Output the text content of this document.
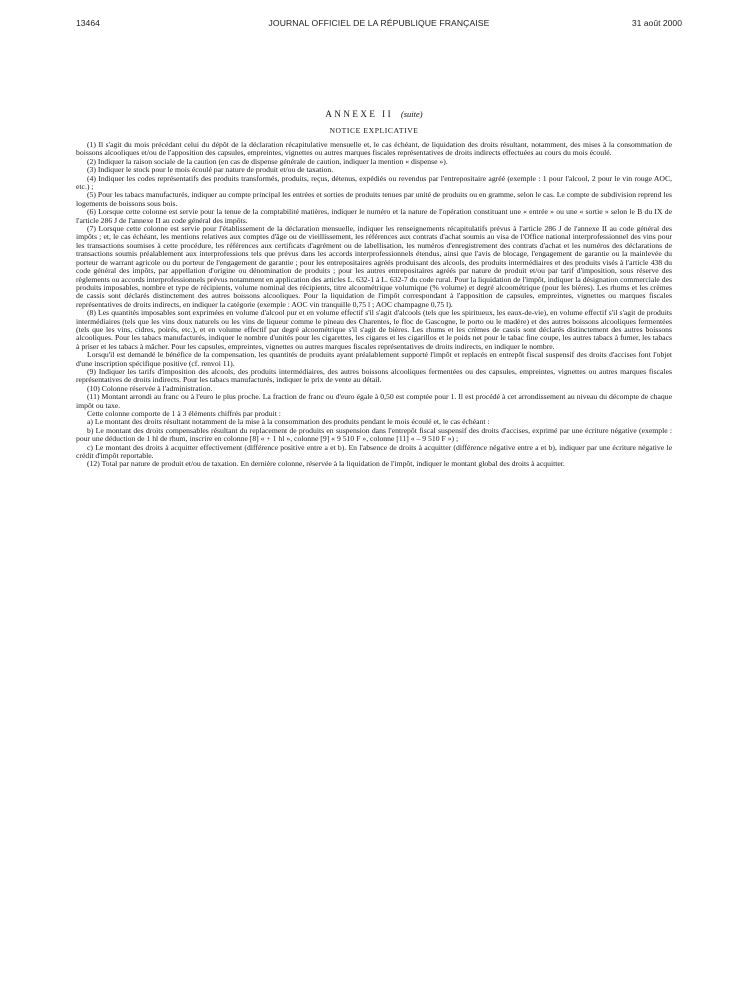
13464	JOURNAL OFFICIEL DE LA RÉPUBLIQUE FRANÇAISE	31 août 2000
ANNEXE II (suite)
NOTICE EXPLICATIVE

(1) Il s'agit du mois précédant celui du dépôt de la déclaration récapitulative mensuelle et, le cas échéant, de liquidation des droits résultant, notamment, des mises à la consommation de boissons alcooliques et/ou de l'apposition des capsules, empreintes, vignettes ou autres marques fiscales représentatives de droits indirects effectuées au cours du mois écoulé.

(2) Indiquer la raison sociale de la caution (en cas de dispense générale de caution, indiquer la mention « dispense »).

(3) Indiquer le stock pour le mois écoulé par nature de produit et/ou de taxation.

(4) Indiquer les codes représentatifs des produits transformés, produits, reçus, détenus, expédiés ou revendus par l'entrepositaire agréé (exemple : 1 pour l'alcool, 2 pour le vin rouge AOC, etc.) ;

(5) Pour les tabacs manufacturés, indiquer au compte principal les entrées et sorties de produits tenues par unité de produits ou en gramme, selon le cas. Le compte de subdivision reprend les logements de boissons sous bois.

(6) Lorsque cette colonne est servie pour la tenue de la comptabilité matières, indiquer le numéro et la nature de l'opération constituant une « entrée » ou une « sortie » selon le B du IX de l'article 286 J de l'annexe II au code général des impôts.

(7) Lorsque cette colonne est servie pour l'établissement de la déclaration mensuelle, indiquer les renseignements récapitulatifs prévus à l'article 286 J de l'annexe II au code général des impôts ; et, le cas échéant, les mentions relatives aux comptes d'âge ou de vieillissement, les références aux contrats d'achat soumis au visa de l'Office national interprofessionnel des vins pour les transactions soumises à cette procédure, les références aux certificats d'agrément ou de labellisation, les numéros d'enregistrement des contrats d'achat et les numéros des déclarations de transactions soumis préalablement aux interprofessions tels que prévus dans les accords interprofessionnels étendus, ainsi que l'avis de blocage, l'engagement de garantie ou la mainlevée du porteur de warrant agricole ou du porteur de l'engagement de garantie ; pour les entrepositaires agréés produisant des alcools, des produits intermédiaires et des produits visés à l'article 438 du code général des impôts, par appellation d'origine ou dénomination de produits ; pour les autres entrepositaires agréés par nature de produit et/ou par tarif d'imposition, sous réserve des règlements ou accords interprofessionnels prévus notamment en application des articles L. 632-1 à L. 632-7 du code rural. Pour la liquidation de l'impôt, indiquer la désignation commerciale des produits imposables, nombre et type de récipients, volume nominal des récipients, titre alcoométrique volumique (% volume) et degré alcoométrique (pour les bières). Les rhums et les crèmes de cassis sont déclarés distinctement des autres boissons alcooliques. Pour la liquidation de l'impôt correspondant à l'apposition de capsules, empreintes, vignettes ou marques fiscales représentatives de droits indirects, en indiquer la catégorie (exemple : AOC vin tranquille 0,75 l ; AOC champagne 0,75 l).

(8) Les quantités imposables sont exprimées en volume d'alcool pur et en volume effectif s'il s'agit d'alcools (tels que les spiritueux, les eaux-de-vie), en volume effectif s'il s'agit de produits intermédiaires (tels que les vins doux naturels ou les vins de liqueur comme le pineau des Charentes, le floc de Gascogne, le porto ou le madère) et des autres boissons alcooliques fermentées (tels que les vins, cidres, poirés, etc.), et en volume effectif par degré alcoométrique s'il s'agit de bières. Les rhums et les crèmes de cassis sont déclarés distinctement des autres boissons alcooliques. Pour les tabacs manufacturés, indiquer le nombre d'unités pour les cigarettes, les cigares et les cigarillos et le poids net pour le tabac fine coupe, les autres tabacs à fumer, les tabacs à priser et les tabacs à mâcher. Pour les capsules, empreintes, vignettes ou autres marques fiscales représentatives de droits indirects, en indiquer le nombre.

Lorsqu'il est demandé le bénéfice de la compensation, les quantités de produits ayant préalablement supporté l'impôt et replacés en entrepôt fiscal suspensif des droits d'accises font l'objet d'une inscription spécifique positive (cf. renvoi 11).

(9) Indiquer les tarifs d'imposition des alcools, des produits intermédiaires, des autres boissons alcooliques fermentées ou des capsules, empreintes, vignettes ou autres marques fiscales représentatives de droits indirects. Pour les tabacs manufacturés, indiquer le prix de vente au détail.

(10) Colonne réservée à l'administration.

(11) Montant arrondi au franc ou à l'euro le plus proche. La fraction de franc ou d'euro égale à 0,50 est comptée pour 1. Il est procédé à cet arrondissement au niveau du décompte de chaque impôt ou taxe.

Cette colonne comporte de 1 à 3 éléments chiffrés par produit :

a) Le montant des droits résultant notamment de la mise à la consommation des produits pendant le mois écoulé et, le cas échéant :

b) Le montant des droits compensables résultant du replacement de produits en suspension dans l'entrepôt fiscal suspensif des droits d'accises, exprimé par une écriture négative (exemple : pour une déduction de 1 hl de rhum, inscrire en colonne [8] « + 1 hl », colonne [9] « 9 510 F », colonne [11] « – 9 510 F ») ;

c) Le montant des droits à acquitter effectivement (différence positive entre a et b). En l'absence de droits à acquitter (différence négative entre a et b), indiquer par une écriture négative le crédit d'impôt reportable.

(12) Total par nature de produit et/ou de taxation. En dernière colonne, réservée à la liquidation de l'impôt, indiquer le montant global des droits à acquitter.
